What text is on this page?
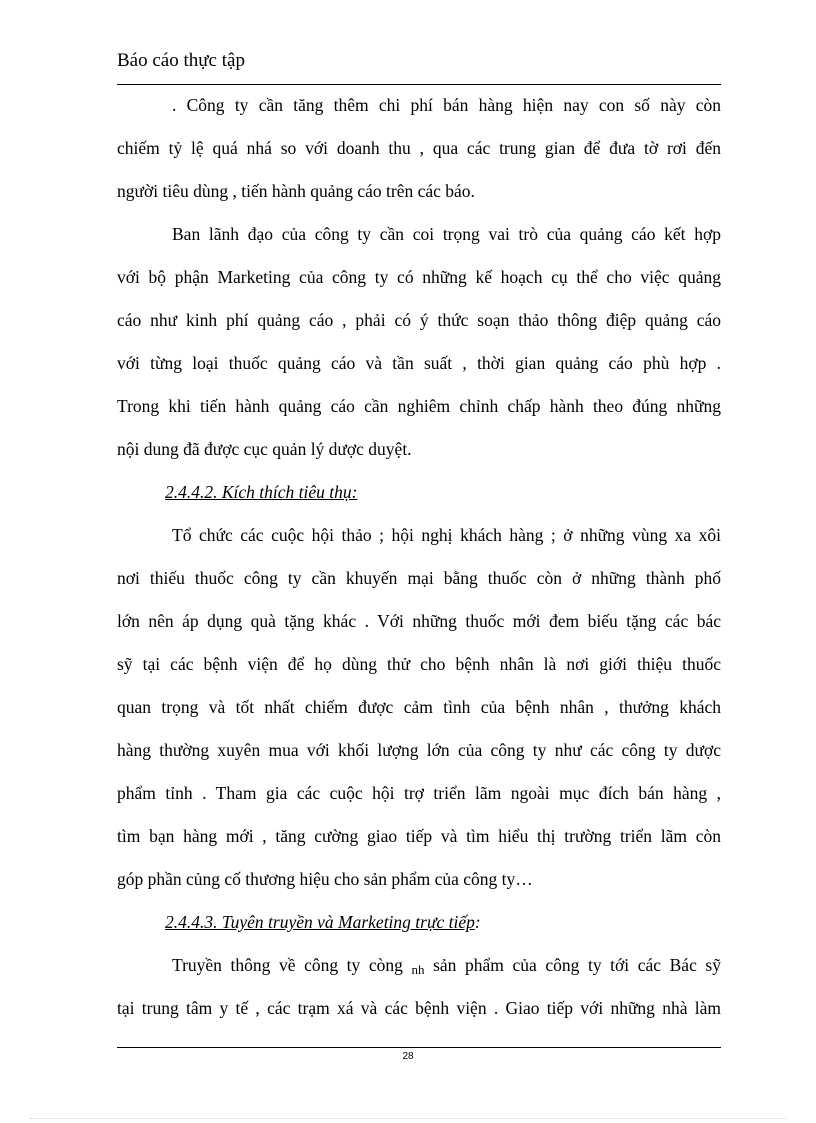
Báo cáo thực tập
. Công ty cần tăng thêm chi phí bán hàng hiện nay con số này còn
chiếm tỷ lệ quá nhá so với doanh thu , qua các trung gian để đưa tờ rơi đến
người tiêu dùng , tiến hành quảng cáo trên các báo.
Ban lãnh đạo của công ty cần coi trọng vai trò của quảng cáo kết hợp
với bộ phận Marketing của công ty có những kế hoạch cụ thể cho việc quảng
cáo như kinh phí quảng cáo , phải có ý thức soạn thảo thông điệp quảng cáo
với từng loại thuốc quảng cáo và tần suất , thời gian quảng cáo phù hợp .
Trong khi tiến hành quảng cáo cần nghiêm chỉnh chấp hành theo đúng những
nội dung đã được cục quản lý dược duyệt.
2.4.4.2. Kích thích tiêu thụ:
Tổ chức các cuộc hội thảo ; hội nghị khách hàng ; ở những vùng xa xôi
nơi thiếu thuốc công ty cần khuyến mại bằng thuốc còn ở những thành phố
lớn nên áp dụng quà tặng khác . Với những thuốc mới đem biếu tặng các bác
sỹ tại các bệnh viện để họ dùng thử cho bệnh nhân là nơi giới thiệu thuốc
quan trọng và tốt nhất chiếm được cảm tình của bệnh nhân , thưởng khách
hàng thường xuyên mua với khối lượng lớn của công ty như các công ty dược
phẩm tỉnh . Tham gia các cuộc hội trợ triển lãm ngoài mục đích bán hàng ,
tìm bạn hàng mới , tăng cường giao tiếp và tìm hiểu thị trường triển lãm còn
góp phần củng cố thương hiệu cho sản phẩm của công ty…
2.4.4.3. Tuyên truyền và Marketing trực tiếp:
Truyền thông về công ty còng nh sản phẩm của công ty tới các Bác sỹ
tại trung tâm y tế , các trạm xá và các bệnh viện . Giao tiếp với những nhà làm
28
